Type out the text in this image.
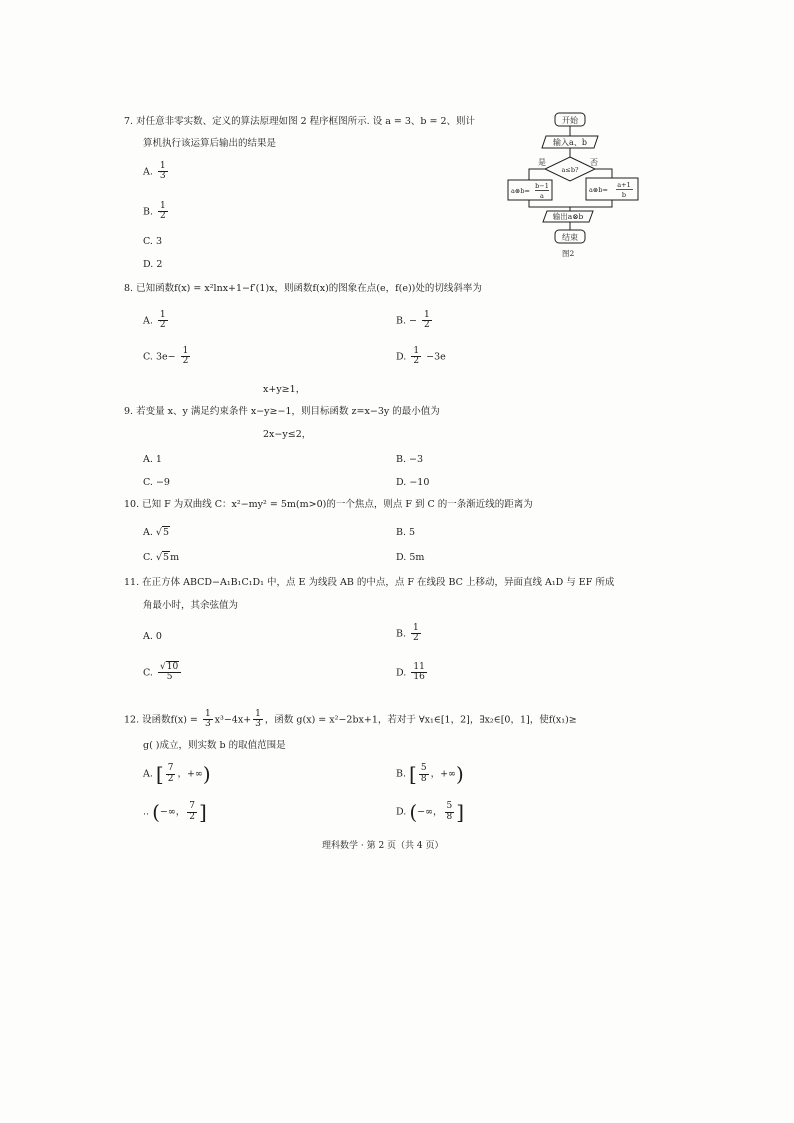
7. 对任意非零实数、定义的算法原理如图 2 程序框图所示. 设 a = 3、b = 2、则计
算机执行该运算后输出的结果是
A. $\frac{1}{3}$
B. $\frac{1}{2}$
C. 3
D. 2
开始
输入a、b
a≤b?
是	否
a⊗b=
b−1
a
a⊗b=
a+1
b
输出a⊗b
结束
图2
8. 已知函数f(x) = x²lnx+1−f′(1)x，则函数f(x)的图象在点(e，f(e))处的切线斜率为
A. $\frac{1}{2}$	B. − $\frac{1}{2}$
C. $3e- \frac{1}{2}$	D. $\frac{1}{2} -3e$
x+y≥1，
9. 若变量 x、y 满足约束条件 x−y≥−1，则目标函数 z=x−3y 的最小值为
2x−y≤2，
A. 1	B. −3
C. −9	D. −10
10. 已知 F 为双曲线 C：x²−my² = 5m(m>0)的一个焦点，则点 F 到 C 的一条渐近线的距离为
A. √5	B. 5
C. √5m	D. 5m
11. 在正方体 ABCD−A₁B₁C₁D₁ 中，点 E 为线段 AB 的中点，点 F 在线段 BC 上移动，异面直线 A₁D 与 EF 所成
角最小时，其余弦值为
A. 0	B. $\frac{1}{2}$
C. $\frac{√10}{5}$	D. $\frac{11}{16}$
12. 设函数$f(x) = \frac{1}{3} x^3-4x+ \frac{1}{3}$ ，函数 g(x) = x²−2bx+1，若对于 ∀x₁∈[1，2]，∃x₂∈[0，1]，使f(x₁)≥
g( )成立，则实数 b 的取值范围是
A. [ $\frac{7}{2}$ ，+∞)	B. [ $\frac{5}{8}$ ，+∞)
.. (−∞， $\frac{7}{2}$ ]	D. (−∞， $\frac{5}{8}$ ]
理科数学 · 第 2 页（共 4 页）
